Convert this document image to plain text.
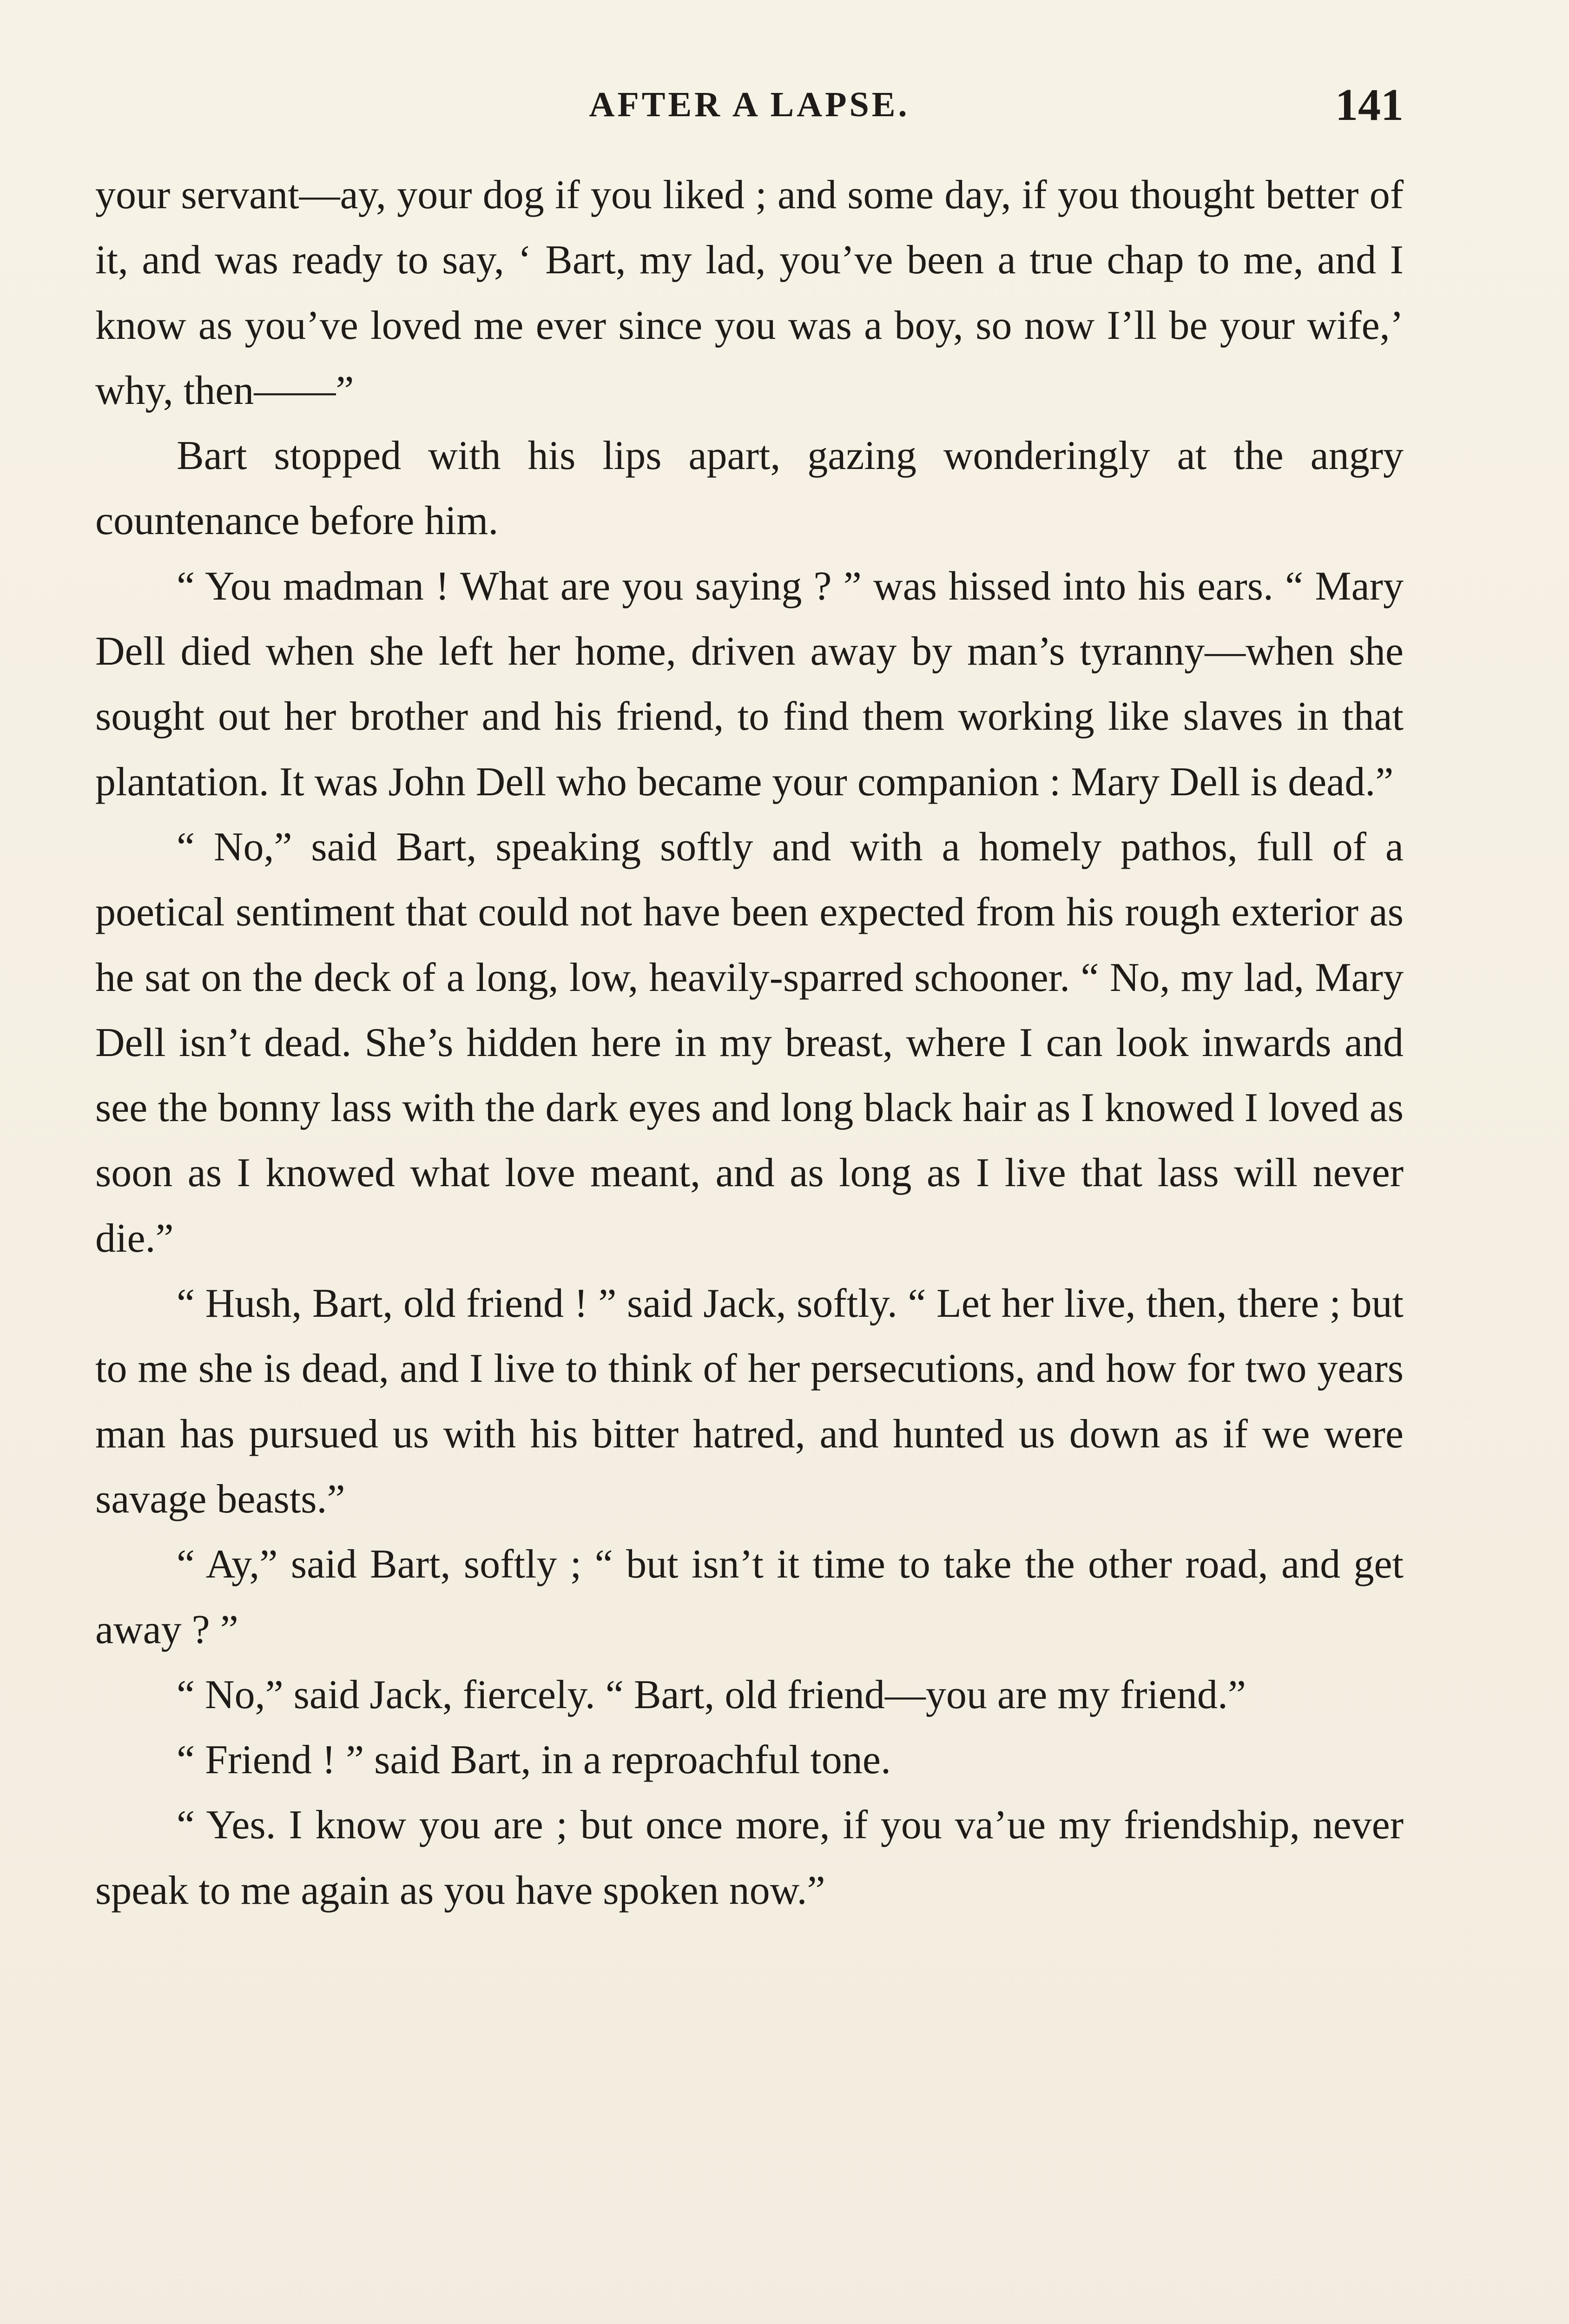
AFTER A LAPSE.	141

your servant—ay, your dog if you liked ; and some day, if you thought better of it, and was ready to say, ‘ Bart, my lad, you’ve been a true chap to me, and I know as you’ve loved me ever since you was a boy, so now I’ll be your wife,’ why, then——”

Bart stopped with his lips apart, gazing wonderingly at the angry countenance before him.

“ You madman ! What are you saying ? ” was hissed into his ears. “ Mary Dell died when she left her home, driven away by man’s tyranny—when she sought out her brother and his friend, to find them working like slaves in that plantation. It was John Dell who became your companion : Mary Dell is dead.”

“ No,” said Bart, speaking softly and with a homely pathos, full of a poetical sentiment that could not have been expected from his rough exterior as he sat on the deck of a long, low, heavily-sparred schooner. “ No, my lad, Mary Dell isn’t dead. She’s hidden here in my breast, where I can look inwards and see the bonny lass with the dark eyes and long black hair as I knowed I loved as soon as I knowed what love meant, and as long as I live that lass will never die.”

“ Hush, Bart, old friend ! ” said Jack, softly. “ Let her live, then, there ; but to me she is dead, and I live to think of her persecutions, and how for two years man has pursued us with his bitter hatred, and hunted us down as if we were savage beasts.”

“ Ay,” said Bart, softly ; “ but isn’t it time to take the other road, and get away ? ”

“ No,” said Jack, fiercely. “ Bart, old friend—you are my friend.”

“ Friend ! ” said Bart, in a reproachful tone.

“ Yes. I know you are ; but once more, if you va’ue my friendship, never speak to me again as you have spoken now.”
